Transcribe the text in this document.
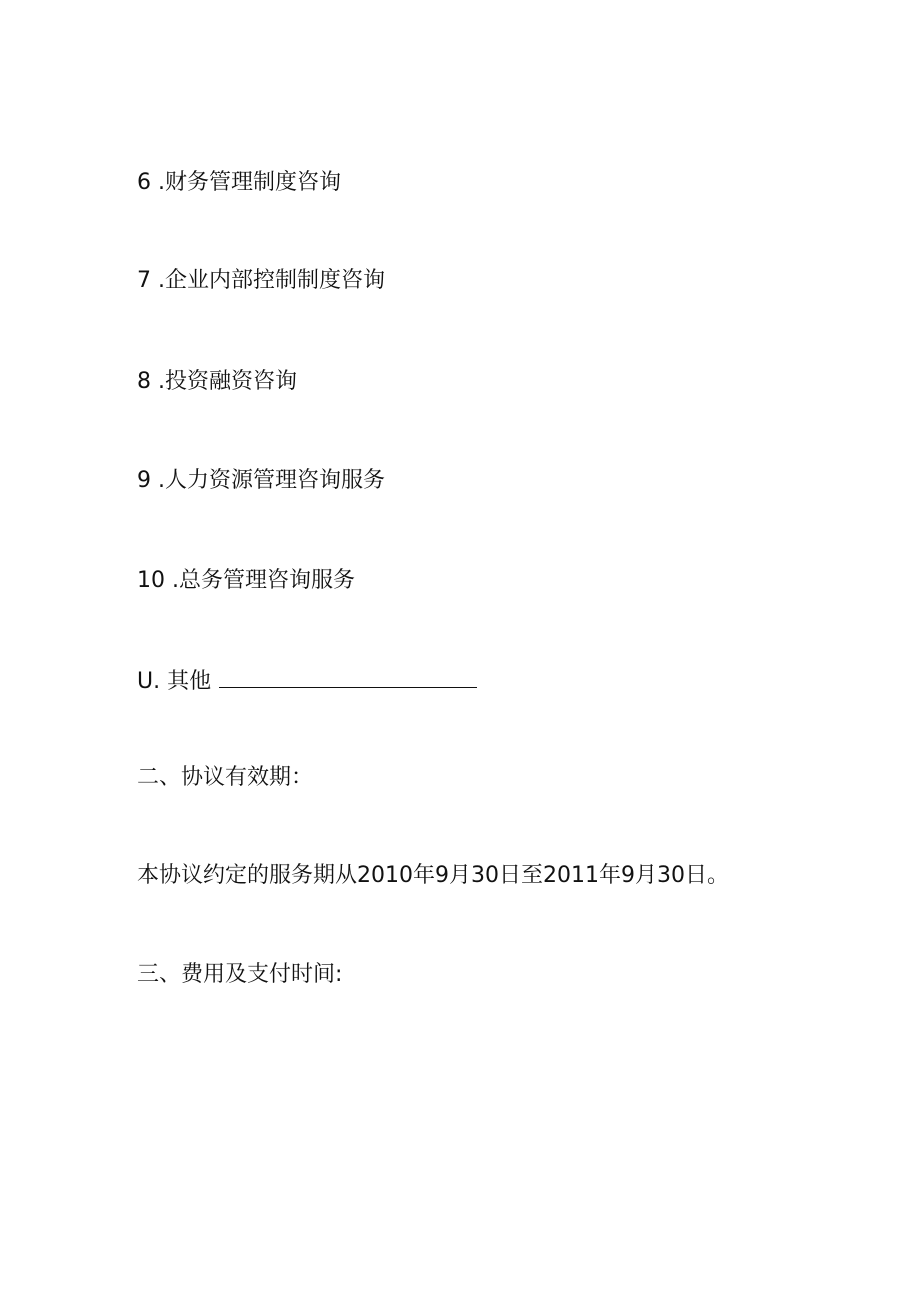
6 .财务管理制度咨询
7 .企业内部控制制度咨询
8 .投资融资咨询
9 .人力资源管理咨询服务
10 .总务管理咨询服务
U. 其他
二、协议有效期：
本协议约定的服务期从2010年9月30日至2011年9月30日。
三、费用及支付时间:
